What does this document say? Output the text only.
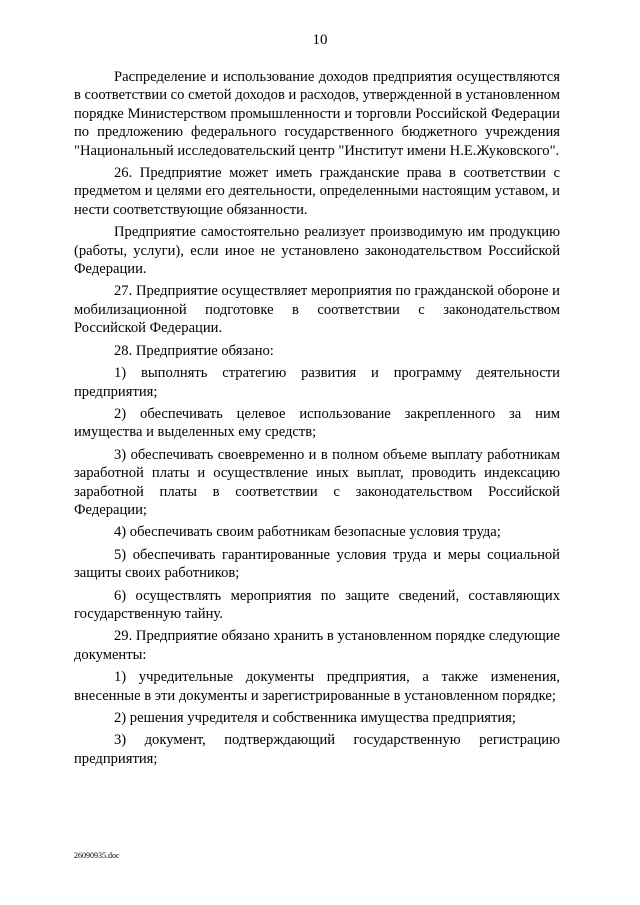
10

Распределение и использование доходов предприятия осуществляются в соответствии со сметой доходов и расходов, утвержденной в установленном порядке Министерством промышленности и торговли Российской Федерации по предложению федерального государственного бюджетного учреждения "Национальный исследовательский центр "Институт имени Н.Е.Жуковского".

26. Предприятие может иметь гражданские права в соответствии с предметом и целями его деятельности, определенными настоящим уставом, и нести соответствующие обязанности.

Предприятие самостоятельно реализует производимую им продукцию (работы, услуги), если иное не установлено законодательством Российской Федерации.

27. Предприятие осуществляет мероприятия по гражданской обороне и мобилизационной подготовке в соответствии с законодательством Российской Федерации.

28. Предприятие обязано:

1) выполнять стратегию развития и программу деятельности предприятия;

2) обеспечивать целевое использование закрепленного за ним имущества и выделенных ему средств;

3) обеспечивать своевременно и в полном объеме выплату работникам заработной платы и осуществление иных выплат, проводить индексацию заработной платы в соответствии с законодательством Российской Федерации;

4) обеспечивать своим работникам безопасные условия труда;

5) обеспечивать гарантированные условия труда и меры социальной защиты своих работников;

6) осуществлять мероприятия по защите сведений, составляющих государственную тайну.

29. Предприятие обязано хранить в установленном порядке следующие документы:

1) учредительные документы предприятия, а также изменения, внесенные в эти документы и зарегистрированные в установленном порядке;

2) решения учредителя и собственника имущества предприятия;

3) документ, подтверждающий государственную регистрацию предприятия;

26090935.doc
